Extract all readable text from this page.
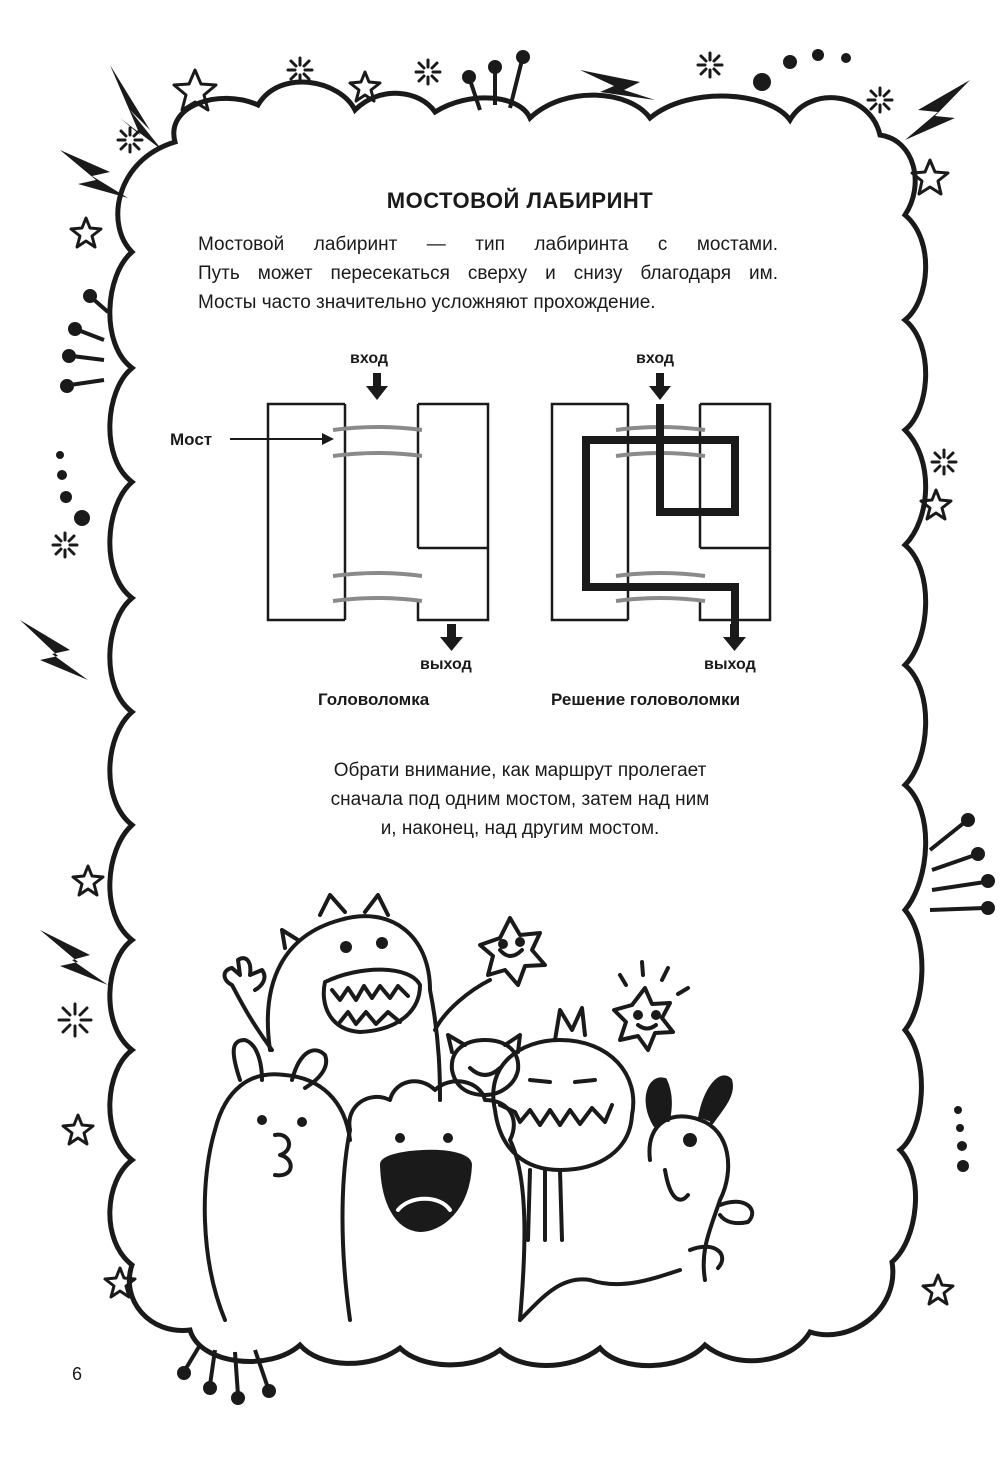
МОСТОВОЙ ЛАБИРИНТ
Мостовой лабиринт — тип лабиринта с мостами.
Путь может пересекаться сверху и снизу благодаря им.
Мосты часто значительно усложняют прохождение.
вход	вход
Мост
выход	выход
Головоломка	Решение головоломки
Обрати внимание, как маршрут пролегает
сначала под одним мостом, затем над ним
и, наконец, над другим мостом.
6
